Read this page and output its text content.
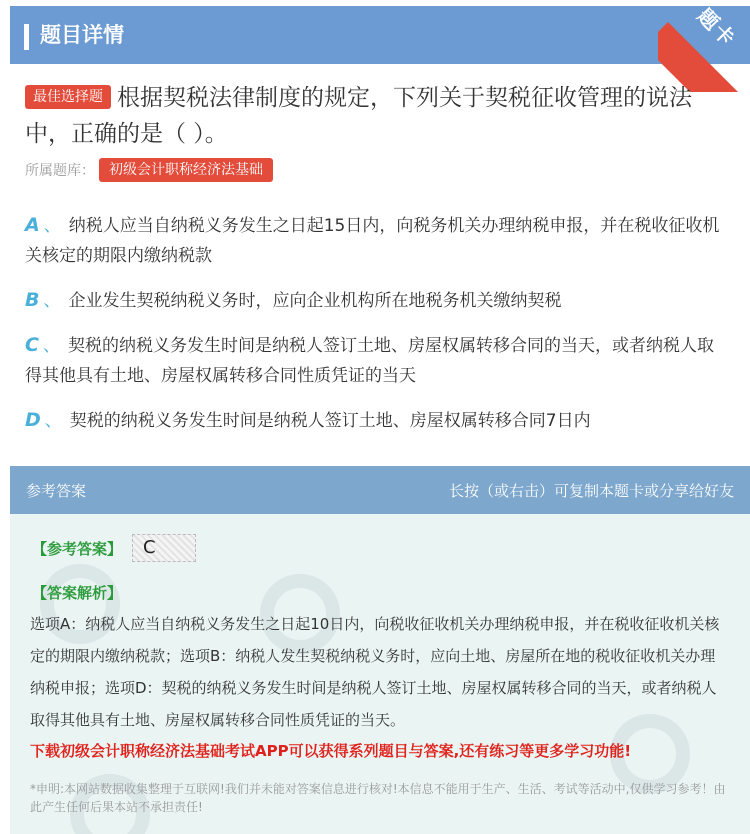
题目详情	题卡
最佳选择题 根据契税法律制度的规定，下列关于契税征收管理的说法中，正确的是（ ）。
所属题库：	初级会计职称经济法基础
A 、 纳税人应当自纳税义务发生之日起15日内，向税务机关办理纳税申报，并在税收征收机关核定的期限内缴纳税款
B 、 企业发生契税纳税义务时，应向企业机构所在地税务机关缴纳契税
C 、 契税的纳税义务发生时间是纳税人签订土地、房屋权属转移合同的当天，或者纳税人取得其他具有土地、房屋权属转移合同性质凭证的当天
D 、 契税的纳税义务发生时间是纳税人签订土地、房屋权属转移合同7日内
参考答案	长按（或右击）可复制本题卡或分享给好友
【参考答案】	C
【答案解析】
选项A：纳税人应当自纳税义务发生之日起10日内，向税收征收机关办理纳税申报，并在税收征收机关核定的期限内缴纳税款；选项B：纳税人发生契税纳税义务时，应向土地、房屋所在地的税收征收机关办理纳税申报；选项D：契税的纳税义务发生时间是纳税人签订土地、房屋权属转移合同的当天，或者纳税人取得其他具有土地、房屋权属转移合同性质凭证的当天。
下载初级会计职称经济法基础考试APP可以获得系列题目与答案,还有练习等更多学习功能!
*申明:本网站数据收集整理于互联网!我们并未能对答案信息进行核对!本信息不能用于生产、生活、考试等活动中,仅供学习参考！由此产生任何后果本站不承担责任!
